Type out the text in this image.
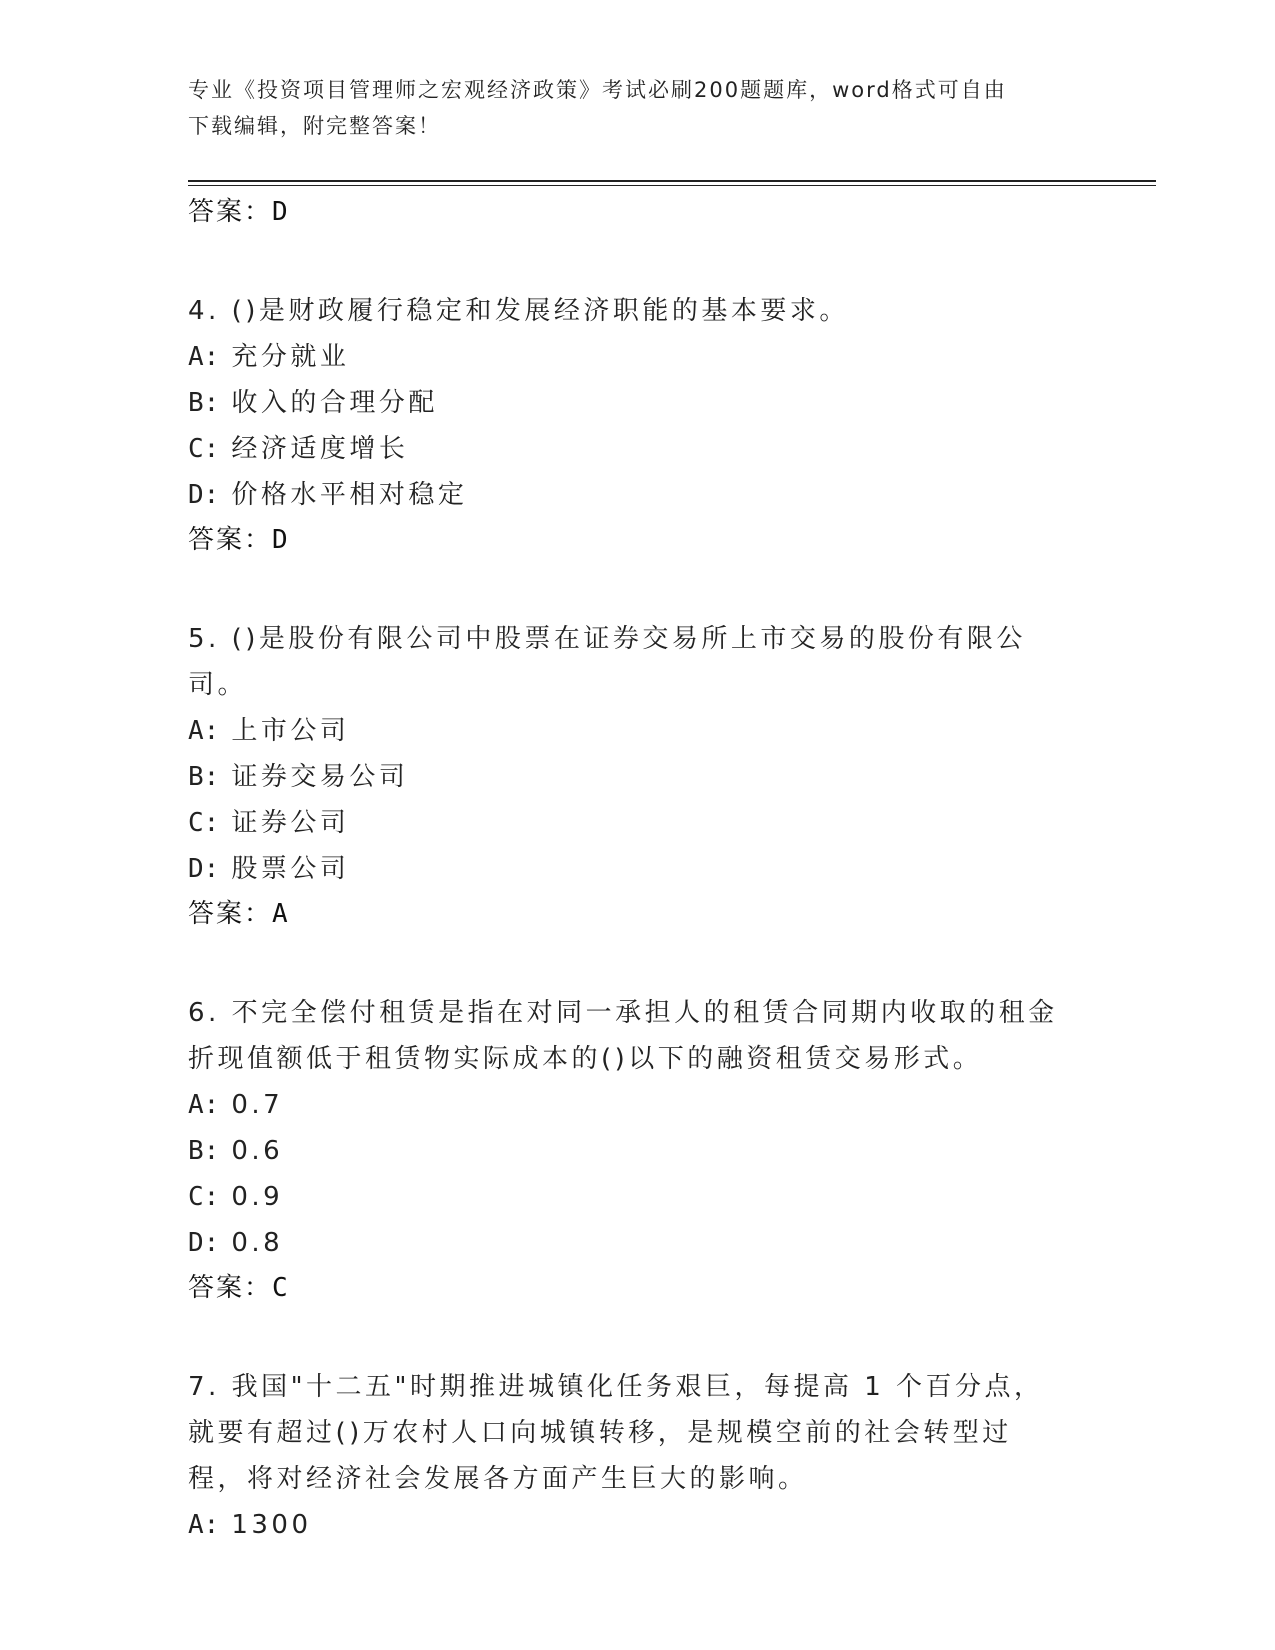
专业《投资项目管理师之宏观经济政策》考试必刷200题题库，word格式可自由
下载编辑，附完整答案！
答案：D
4. ()是财政履行稳定和发展经济职能的基本要求。
A: 充分就业
B: 收入的合理分配
C: 经济适度增长
D: 价格水平相对稳定
答案：D
5. ()是股份有限公司中股票在证券交易所上市交易的股份有限公司。
A: 上市公司
B: 证券交易公司
C: 证券公司
D: 股票公司
答案：A
6. 不完全偿付租赁是指在对同一承担人的租赁合同期内收取的租金折现值额低于租赁物实际成本的()以下的融资租赁交易形式。
A: 0.7
B: 0.6
C: 0.9
D: 0.8
答案：C
7. 我国"十二五"时期推进城镇化任务艰巨，每提高 1 个百分点，就要有超过()万农村人口向城镇转移，是规模空前的社会转型过程，将对经济社会发展各方面产生巨大的影响。
A: 1300
